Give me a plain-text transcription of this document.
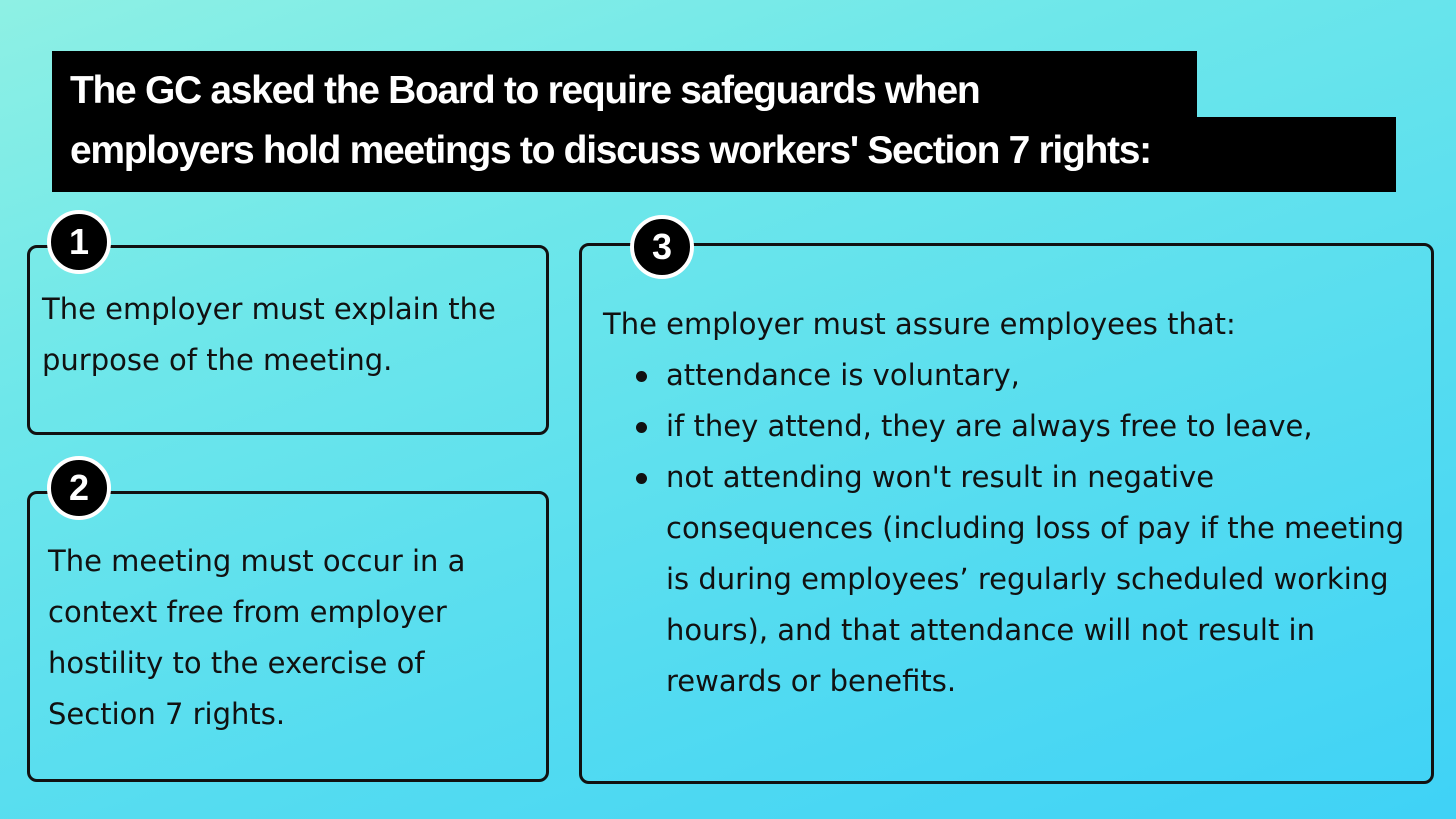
The GC asked the Board to require safeguards when
employers hold meetings to discuss workers' Section 7 rights:
1
2
3

The employer must explain the purpose of the meeting.

The meeting must occur in a context free from employer hostility to the exercise of Section 7 rights.

The employer must assure employees that:

attendance is voluntary,
if they attend, they are always free to leave,
not attending won't result in negative consequences (including loss of pay if the meeting is during employees’ regularly scheduled working hours), and that attendance will not result in rewards or benefits.
